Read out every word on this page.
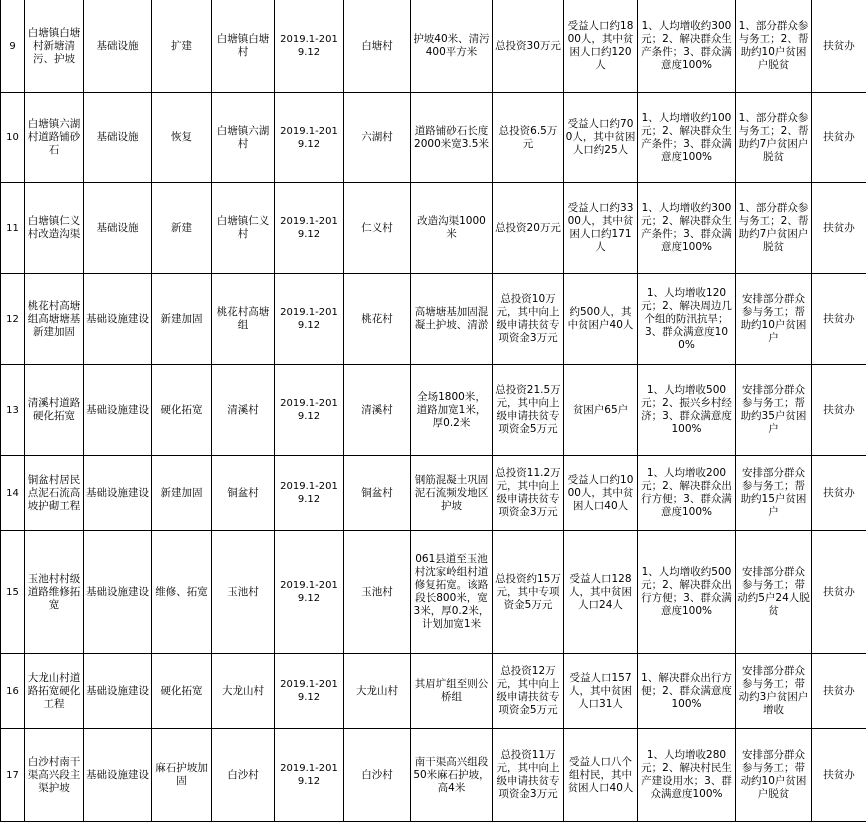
9	白塘镇白塘村新塘清污、护坡	基础设施	扩建	白塘镇白塘村	2019.1-2019.12	白塘村	护坡40米、清污400平方米	总投资30万元	受益人口约1800人，其中贫困人口约120人	1、人均增收约300元；2、解决群众生产条件；3、群众满意度100%	1、部分群众参与务工；2、帮助约10户贫困户脱贫	扶贫办
10	白塘镇六湖村道路铺砂石	基础设施	恢复	白塘镇六湖村	2019.1-2019.12	六湖村	道路铺砂石长度2000米宽3.5米	总投资6.5万元	受益人口约700人，其中贫困人口约25人	1、人均增收约100元；2、解决群众生产条件；3、群众满意度100%	1、部分群众参与务工；2、帮助约7户贫困户脱贫	扶贫办
11	白塘镇仁义村改造沟渠	基础设施	新建	白塘镇仁义村	2019.1-2019.12	仁义村	改造沟渠1000米	总投资20万元	受益人口约3300人，其中贫困人口约171人	1、人均增收约300元；2、解决群众生产条件；3、群众满意度100%	1、部分群众参与务工；2、帮助约7户贫困户脱贫	扶贫办
12	桃花村高塘组高塘塘基新建加固	基础设施建设	新建加固	桃花村高塘组	2019.1-2019.12	桃花村	高塘塘基加固混凝土护坡、清淤	总投资10万元，其中向上级申请扶贫专项资金3万元	约500人，其中贫困户40人	1、人均增收120元；2、解决周边几个组的防汛抗旱；3、群众满意度100%	安排部分群众参与务工；帮助约10户贫困户	扶贫办
13	清溪村道路硬化拓宽	基础设施建设	硬化拓宽	清溪村	2019.1-2019.12	清溪村	全场1800米，道路加宽1米，厚0.2米	总投资21.5万元，其中向上级申请扶贫专项资金5万元	贫困户65户	1、人均增收500元；2、振兴乡村经济；3、群众满意度100%	安排部分群众参与务工；帮助约35户贫困户	扶贫办
14	铜盆村居民点泥石流高坡护砌工程	基础设施建设	新建加固	铜盆村	2019.1-2019.12	铜盆村	钢筋混凝土巩固泥石流频发地区护坡	总投资11.2万元，其中向上级申请扶贫专项资金3万元	受益人口约1000人，其中贫困人口40人	1、人均增收200元；2、解决群众出行方便；3、群众满意度100%	安排部分群众参与务工；帮助约15户贫困户	扶贫办
15	玉池村村级道路维修拓宽	基础设施建设	维修、拓宽	玉池村	2019.1-2019.12	玉池村	061县道至玉池村沈家岭组村道修复拓宽。该路段长800米，宽3米，厚0.2米，计划加宽1米	总投资约15万元，其中专项资金5万元	受益人口128人，其中贫困人口24人	1、人均增收约500元；2、解决群众出行方便；3、群众满意度100%	安排部分群众参与务工；带动约5户24人脱贫	扶贫办
16	大龙山村道路拓宽硬化工程	基础设施建设	硬化拓宽	大龙山村	2019.1-2019.12	大龙山村	其眉圹组至则公桥组	总投资12万元，其中向上级申请扶贫专项资金5万元	受益人口157人，其中贫困人口31人	1、解决群众出行方便；2、群众满意度100%	安排部分群众参与务工；带动约3户贫困户增收	扶贫办
17	白沙村南干渠高兴段主渠护坡	基础设施建设	麻石护坡加固	白沙村	2019.1-2019.12	白沙村	南干渠高兴组段50米麻石护坡，高4米	总投资11万元，其中向上级申请扶贫专项资金3万元	受益人口八个组村民，其中贫困人口40人	1、人均增收280元；2、解决村民生产建设用水；3、群众满意度100%	安排部分群众参与务工；带动约10户贫困户脱贫	扶贫办
